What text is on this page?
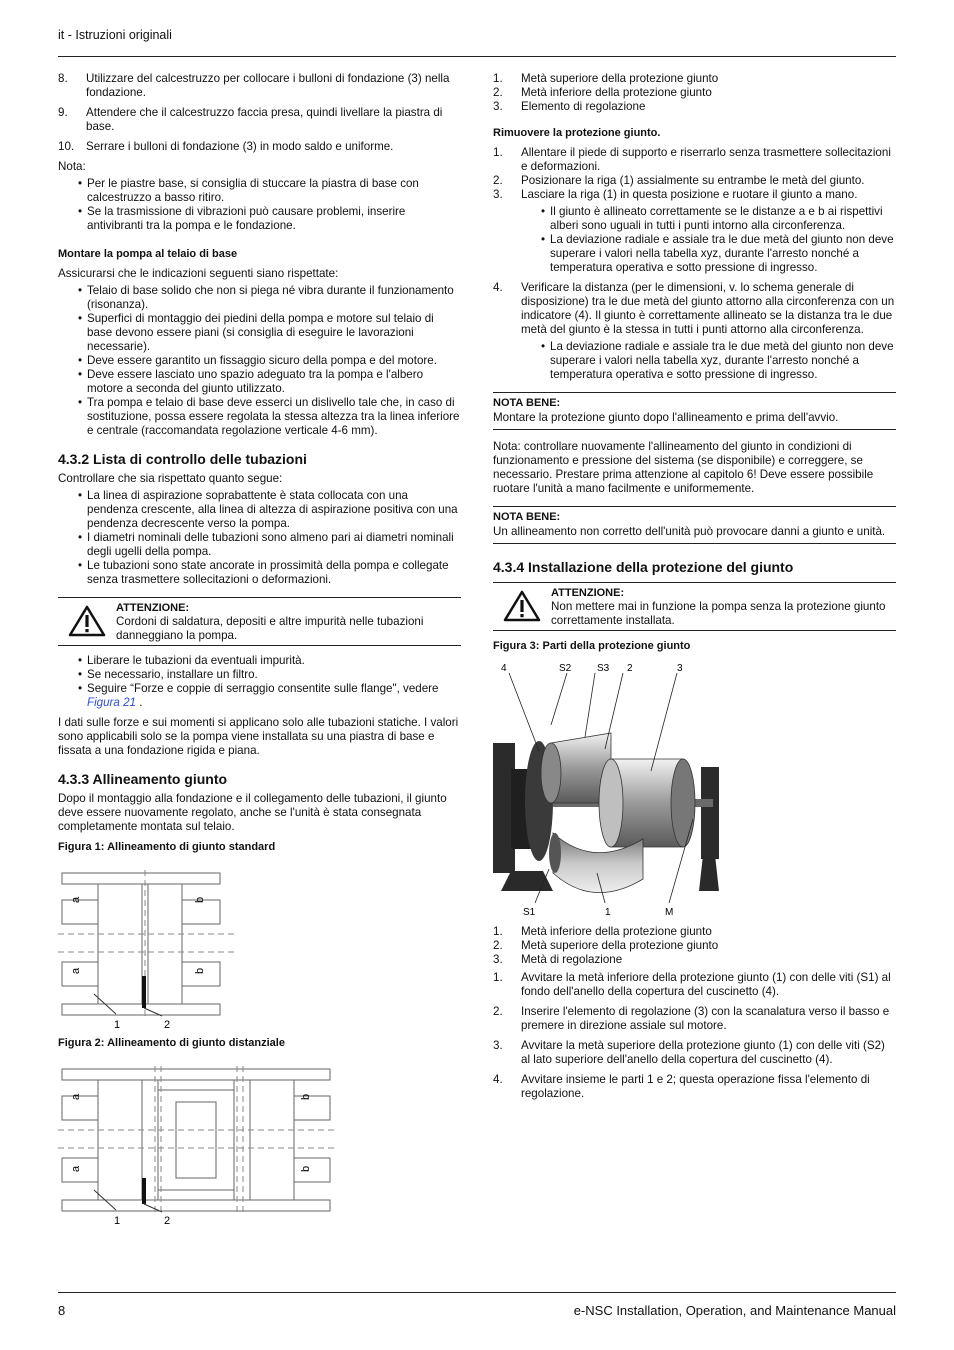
it - Istruzioni originali
8.	Utilizzare del calcestruzzo per collocare i bulloni di fondazione (3) nella fondazione.
9.	Attendere che il calcestruzzo faccia presa, quindi livellare la piastra di base.
10.	Serrare i bulloni di fondazione (3) in modo saldo e uniforme.

Nota:

• Per le piastre base, si consiglia di stuccare la piastra di base con calcestruzzo a basso ritiro.
• Se la trasmissione di vibrazioni può causare problemi, inserire antivibranti tra la pompa e le fondazione.
Montare la pompa al telaio di base

Assicurarsi che le indicazioni seguenti siano rispettate:

• Telaio di base solido che non si piega né vibra durante il funzionamento (risonanza).
• Superfici di montaggio dei piedini della pompa e motore sul telaio di base devono essere piani (si consiglia di eseguire le lavorazioni necessarie).
• Deve essere garantito un fissaggio sicuro della pompa e del motore.
• Deve essere lasciato uno spazio adeguato tra la pompa e l'albero motore a seconda del giunto utilizzato.
• Tra pompa e telaio di base deve esserci un dislivello tale che, in caso di sostituzione, possa essere regolata la stessa altezza tra la linea inferiore e centrale (raccomandata regolazione verticale 4-6 mm).
4.3.2 Lista di controllo delle tubazioni

Controllare che sia rispettato quanto segue:

• La linea di aspirazione soprabattente è stata collocata con una pendenza crescente, alla linea di altezza di aspirazione positiva con una pendenza decrescente verso la pompa.
• I diametri nominali delle tubazioni sono almeno pari ai diametri nominali degli ugelli della pompa.
• Le tubazioni sono state ancorate in prossimità della pompa e collegate senza trasmettere sollecitazioni o deformazioni.
ATTENZIONE:
Cordoni di saldatura, depositi e altre impurità nelle tubazioni danneggiano la pompa.
• Liberare le tubazioni da eventuali impurità.
• Se necessario, installare un filtro.
• Seguire “Forze e coppie di serraggio consentite sulle flange", vedere Figura 21 .

I dati sulle forze e sui momenti si applicano solo alle tubazioni statiche. I valori sono applicabili solo se la pompa viene installata su una piastra di base e fissata a una fondazione rigida e piana.

4.3.3 Allineamento giunto

Dopo il montaggio alla fondazione e il collegamento delle tubazioni, il giunto deve essere nuovamente regolato, anche se l'unità è stata consegnata completamente montata sul telaio.

Figura 1: Allineamento di giunto standard
a
a
b
b
1	2
Figura 2: Allineamento di giunto distanziale
a
a
b
b
1	2
1.	Metà superiore della protezione giunto
2.	Metà inferiore della protezione giunto
3.	Elemento di regolazione
Rimuovere la protezione giunto.
1.	Allentare il piede di supporto e riserrarlo senza trasmettere sollecitazioni e deformazioni.
2.	Posizionare la riga (1) assialmente su entrambe le metà del giunto.
3.	Lasciare la riga (1) in questa posizione e ruotare il giunto a mano.
• Il giunto è allineato correttamente se le distanze a e b ai rispettivi alberi sono uguali in tutti i punti intorno alla circonferenza.
• La deviazione radiale e assiale tra le due metà del giunto non deve superare i valori nella tabella xyz, durante l'arresto nonché a temperatura operativa e sotto pressione di ingresso.
4.	Verificare la distanza (per le dimensioni, v. lo schema generale di disposizione) tra le due metà del giunto attorno alla circonferenza con un indicatore (4). Il giunto è correttamente allineato se la distanza tra le due metà del giunto è la stessa in tutti i punti attorno alla circonferenza.
• La deviazione radiale e assiale tra le due metà del giunto non deve superare i valori nella tabella xyz, durante l'arresto nonché a temperatura operativa e sotto pressione di ingresso.
NOTA BENE:
Montare la protezione giunto dopo l'allineamento e prima dell'avvio.

Nota: controllare nuovamente l'allineamento del giunto in condizioni di funzionamento e pressione del sistema (se disponibile) e correggere, se necessario. Prestare prima attenzione al capitolo 6! Deve essere possibile ruotare l'unità a mano facilmente e uniformemente.

NOTA BENE:
Un allineamento non corretto dell'unità può provocare danni a giunto e unità.
4.3.4 Installazione della protezione del giunto
ATTENZIONE:
Non mettere mai in funzione la pompa senza la protezione giunto correttamente installata.
Figura 3: Parti della protezione giunto
4	S2	S3 2	3
S1	1	M
1.	Metà inferiore della protezione giunto
2.	Metà superiore della protezione giunto
3.	Metà di regolazione
1.	Avvitare la metà inferiore della protezione giunto (1) con delle viti (S1) al fondo dell'anello della copertura del cuscinetto (4).
2.	Inserire l'elemento di regolazione (3) con la scanalatura verso il basso e premere in direzione assiale sul motore.
3.	Avvitare la metà superiore della protezione giunto (1) con delle viti (S2) al lato superiore dell'anello della copertura del cuscinetto (4).
4.	Avvitare insieme le parti 1 e 2; questa operazione fissa l'elemento di regolazione.
8	e-NSC Installation, Operation, and Maintenance Manual
